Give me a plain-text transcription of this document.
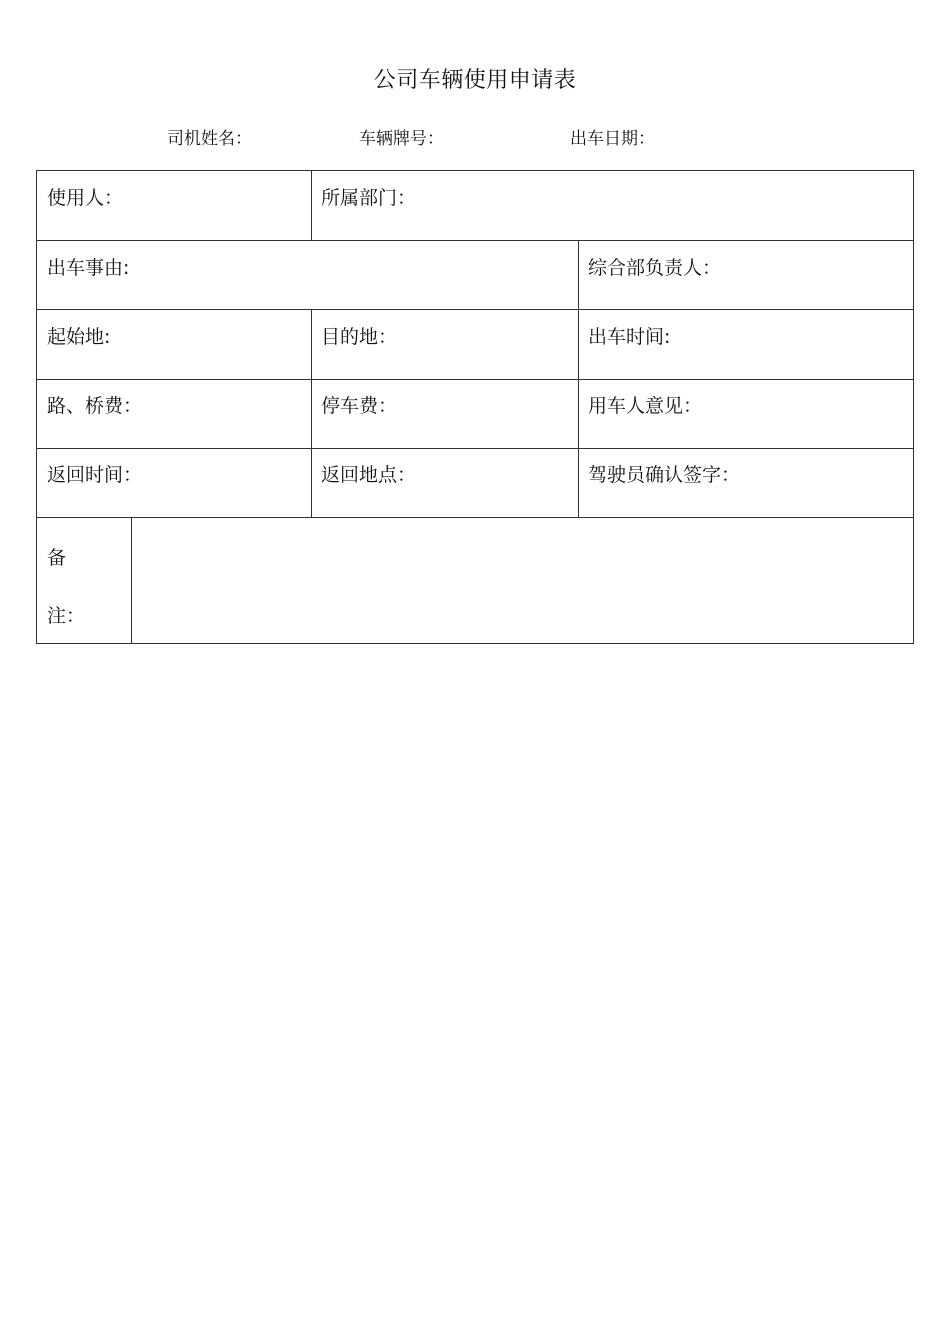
公司车辆使用申请表
司机姓名：	车辆牌号：	出车日期：
使用人：	所属部门：
出车事由:	综合部负责人：
起始地:	目的地：	出车时间:
路、桥费：	停车费：	用车人意见：
返回时间：	返回地点：	驾驶员确认签字：
备
注：
